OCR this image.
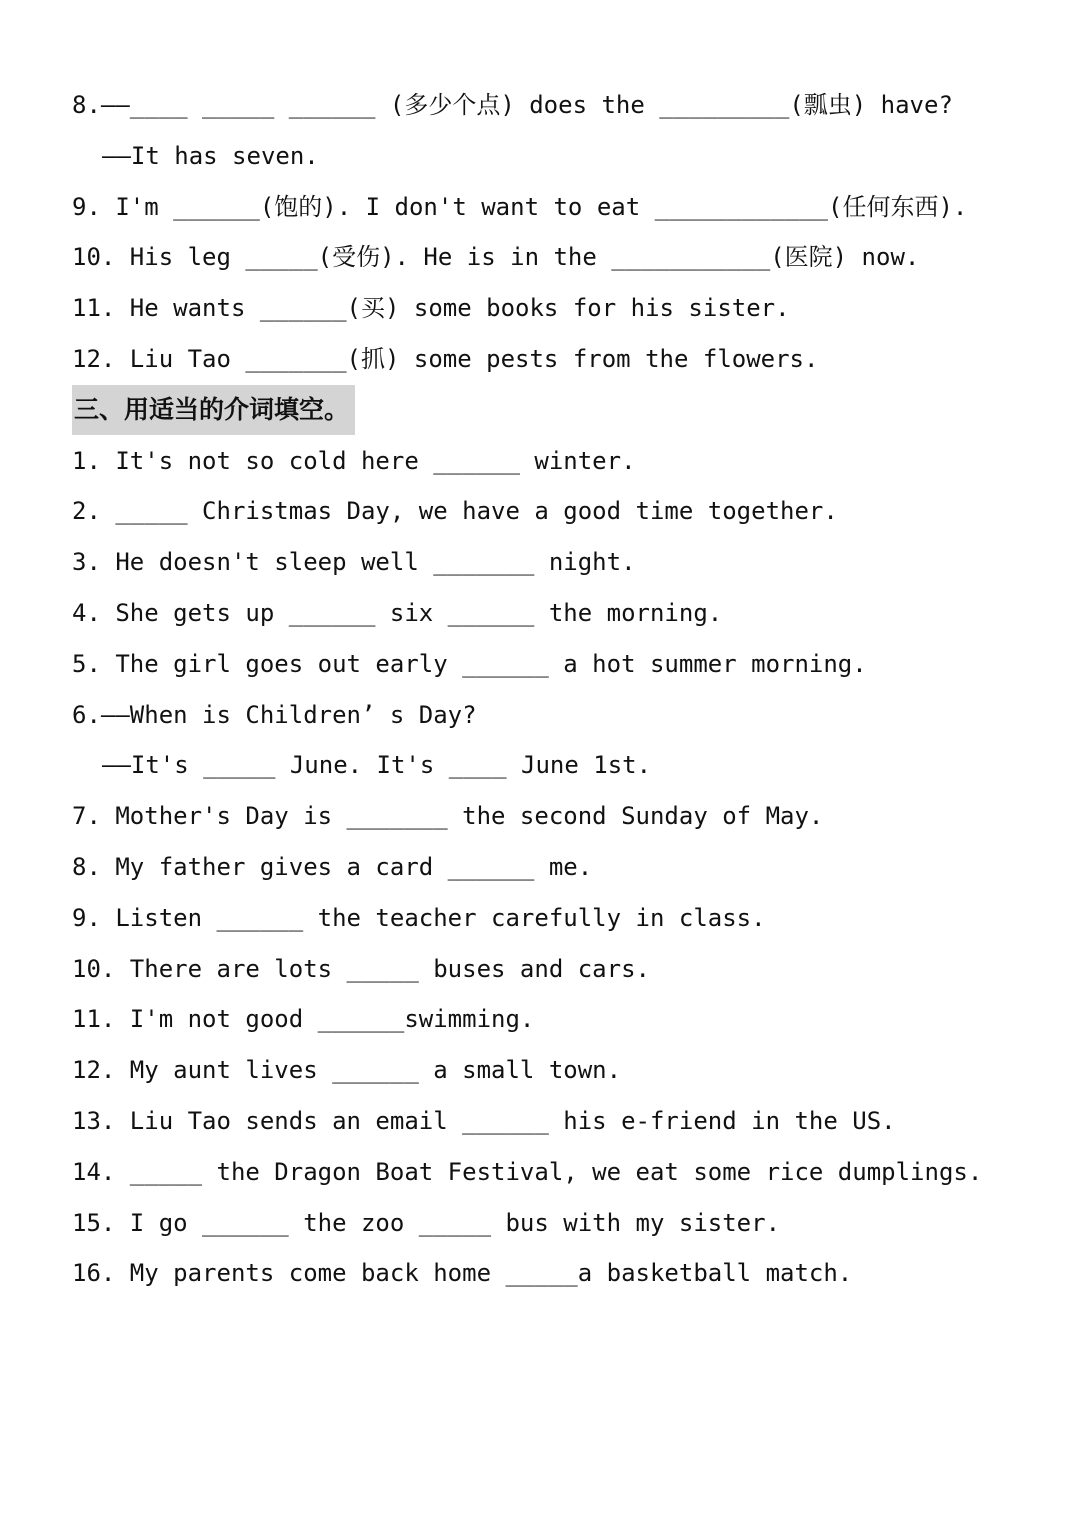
8.——____ _____ ______ (多少个点) does the _________(瓢虫) have?
——It has seven.
9. I'm ______(饱的). I don't want to eat ____________(任何东西).
10. His leg _____(受伤). He is in the ___________(医院) now.
11. He wants ______(买) some books for his sister.
12. Liu Tao _______(抓) some pests from the flowers.
三、用适当的介词填空。
1. It's not so cold here ______ winter.
2. _____ Christmas Day, we have a good time together.
3. He doesn't sleep well _______ night.
4. She gets up ______ six ______ the morning.
5. The girl goes out early ______ a hot summer morning.
6.——When is Children’ s Day?
——It's _____ June. It's ____ June 1st.
7. Mother's Day is _______ the second Sunday of May.
8. My father gives a card ______ me.
9. Listen ______ the teacher carefully in class.
10. There are lots _____ buses and cars.
11. I'm not good ______swimming.
12. My aunt lives ______ a small town.
13. Liu Tao sends an email ______ his e-friend in the US.
14. _____ the Dragon Boat Festival, we eat some rice dumplings.
15. I go ______ the zoo _____ bus with my sister.
16. My parents come back home _____a basketball match.
